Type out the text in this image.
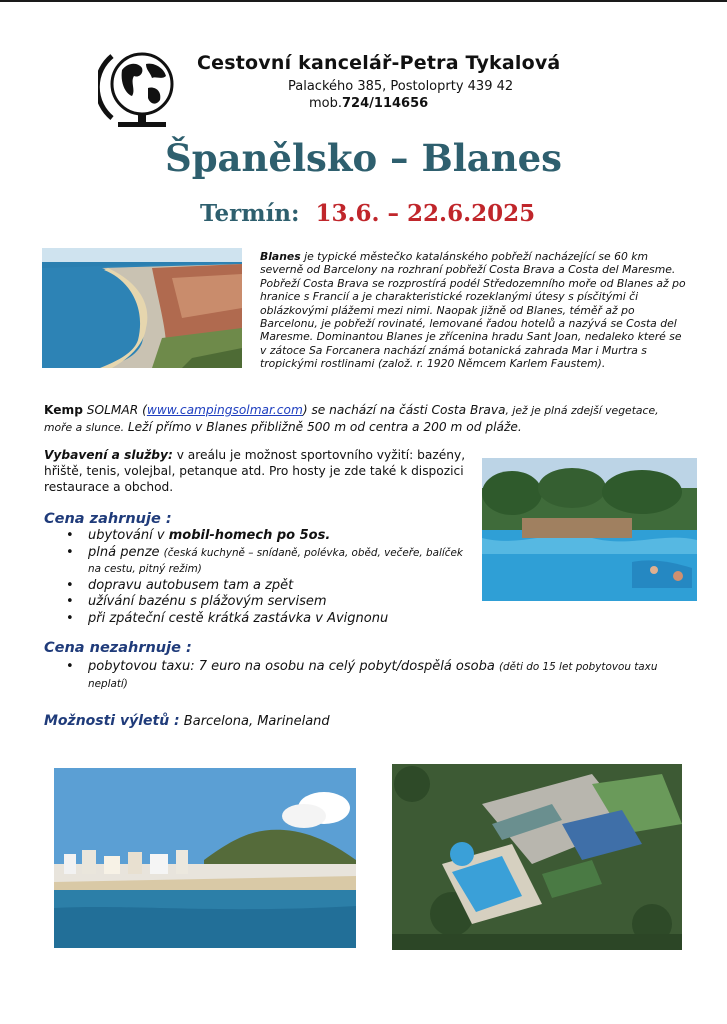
Cestovní kancelář-Petra Tykalová
Palackého 385, Postoloprty 439 42
mob.724/114656
Španělsko – Blanes
Termín: 13.6. – 22.6.2025
Blanes je typické městečko katalánského pobřeží nacházející se 60 km severně od Barcelony na rozhraní pobřeží Costa Brava a Costa del Maresme. Pobřeží Costa Brava se rozprostírá podél Středozemního moře od Blanes až po hranice s Francií a je charakteristické rozeklanými útesy s písčitými či oblázkovými plážemi mezi nimi. Naopak jižně od Blanes, téměř až po Barcelonu, je pobřeží rovinaté, lemované řadou hotelů a nazývá se Costa del Maresme. Dominantou Blanes je zřícenina hradu Sant Joan, nedaleko které se v zátoce Sa Forcanera nachází známá botanická zahrada Mar i Murtra s tropickými rostlinami (založ. r. 1920 Němcem Karlem Faustem).
Kemp SOLMAR (www.campingsolmar.com) se nachází na části Costa Brava, jež je plná zdejší vegetace, moře a slunce. Leží přímo v Blanes přibližně 500 m od centra a 200 m od pláže.
Vybavení a služby: v areálu je možnost sportovního vyžití: bazény, hřiště, tenis, volejbal, petanque atd. Pro hosty je zde také k dispozici restaurace a obchod.
Cena zahrnuje :
• ubytování v mobil-homech po 5os.
• plná penze (česká kuchyně – snídaně, polévka, oběd, večeře, balíček na cestu, pitný režim)
• dopravu autobusem tam a zpět
• užívání bazénu s plážovým servisem
• při zpáteční cestě krátká zastávka v Avignonu
Cena nezahrnuje :
• pobytovou taxu: 7 euro na osobu na celý pobyt/dospělá osoba (děti do 15 let pobytovou taxu neplatí)
Možnosti výletů : Barcelona, Marineland
